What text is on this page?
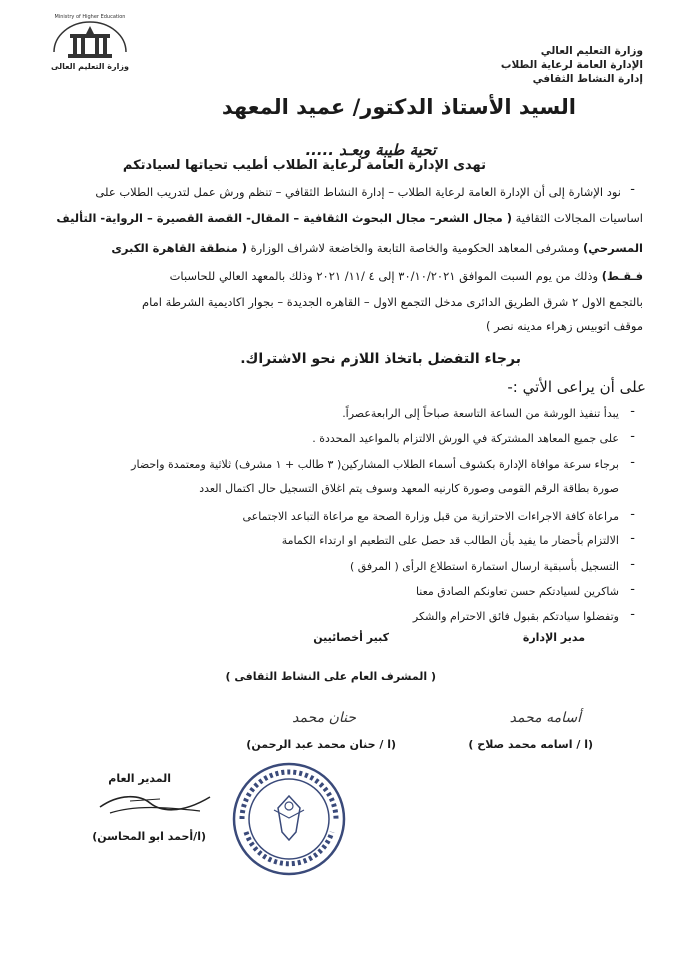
وزارة التعليم العالي
الإدارة العامة لرعاية الطلاب
إدارة النشاط الثقافي
Ministry of Higher Education
وزارة التعليم العالى
السيد الأستاذ الدكتور/ عميد المعهد
تحية طيبة وبعـد .....
تهدى الإدارة العامة لرعاية الطلاب أطيب تحياتها لسيادتكم
-
نود الإشارة إلى أن الإدارة العامة لرعاية الطلاب – إدارة النشاط الثقافي – تنظم ورش عمل لتدريب الطلاب على
اساسيات المجالات الثقافية ( مجال الشعر– مجال البحوث الثقافية – المقال- القصة القصيرة – الرواية- التأليف
المسرحي) ومشرفى المعاهد الحكومية والخاصة التابعة والخاضعة لاشراف الوزارة ( منطقة القاهرة الكبرى
فـقـط) وذلك من يوم السبت الموافق ٣٠/١٠/٢٠٢١ إلى ٤ /١١/ ٢٠٢١ وذلك بالمعهد العالي للحاسبات
بالتجمع الاول ٢ شرق الطريق الدائرى مدخل التجمع الاول – القاهره الجديدة – بجوار اكاديمية الشرطة امام
موقف اتوبيس زهراء مدينه نصر )
برجاء التفضل باتخاذ اللازم نحو الاشتراك.
على أن يراعى الأتي :-
-
يبدأ تنفيذ الورشة من الساعة التاسعة صباحاً إلى الرابعةعصراً.
-
على جميع المعاهد المشتركة في الورش الالتزام بالمواعيد المحددة .
-
برجاء سرعة موافاة الإدارة بكشوف أسماء الطلاب المشاركين( ٣ طالب + ١ مشرف) ثلاثية ومعتمدة واحضار
صورة بطاقة الرقم القومى وصورة كارنيه المعهد وسوف يتم اغلاق التسجيل حال اكتمال العدد
-
مراعاة كافة الاجراءات الاحترازية من قبل وزارة الصحة مع مراعاة التباعد الاجتماعى
-
الالتزام بأحضار ما يفيد بأن الطالب قد حصل على التطعيم او ارتداء الكمامة
-
التسجيل بأسبقية ارسال استمارة استطلاع الرأى ( المرفق )
-
شاكرين لسيادتكم حسن تعاونكم الصادق معنا
-
وتفضلوا سيادتكم بقبول فائق الاحترام والشكر
مدير الإدارة
كبير أخصائيين
( المشرف العام على النشاط الثقافى )
أسامه محمد
حنان محمد
(ا / اسامه محمد صلاح )
(ا / حنان محمد عبد الرحمن)
المدير العام
(ا/أحمد ابو المحاسن)
